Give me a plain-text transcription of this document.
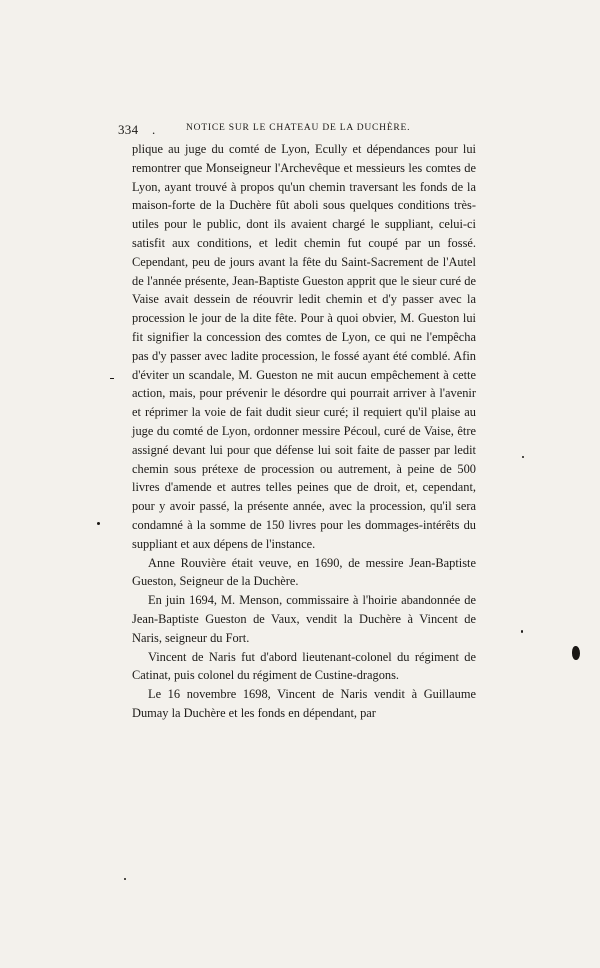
334 .	NOTICE SUR LE CHATEAU DE LA DUCHÈRE.

plique au juge du comté de Lyon, Ecully et dépendances pour lui remontrer que Monseigneur l'Archevêque et messieurs les comtes de Lyon, ayant trouvé à propos qu'un chemin traversant les fonds de la maison-forte de la Duchère fût aboli sous quelques conditions très-utiles pour le public, dont ils avaient chargé le suppliant, celui-ci satisfit aux conditions, et ledit chemin fut coupé par un fossé. Cependant, peu de jours avant la fête du Saint-Sacrement de l'Autel de l'année présente, Jean-Baptiste Gueston apprit que le sieur curé de Vaise avait dessein de réouvrir ledit chemin et d'y passer avec la procession le jour de la dite fête. Pour à quoi obvier, M. Gueston lui fit signifier la concession des comtes de Lyon, ce qui ne l'empêcha pas d'y passer avec ladite procession, le fossé ayant été comblé. Afin d'éviter un scandale, M. Gueston ne mit aucun empêchement à cette action, mais, pour prévenir le désordre qui pourrait arriver à l'avenir et réprimer la voie de fait dudit sieur curé; il requiert qu'il plaise au juge du comté de Lyon, ordonner messire Pécoul, curé de Vaise, être assigné devant lui pour que défense lui soit faite de passer par ledit chemin sous prétexe de procession ou autrement, à peine de 500 livres d'amende et autres telles peines que de droit, et, cependant, pour y avoir passé, la présente année, avec la procession, qu'il sera condamné à la somme de 150 livres pour les dommages-intérêts du suppliant et aux dépens de l'instance.

Anne Rouvière était veuve, en 1690, de messire Jean-Baptiste Gueston, Seigneur de la Duchère.

En juin 1694, M. Menson, commissaire à l'hoirie abandonnée de Jean-Baptiste Gueston de Vaux, vendit la Duchère à Vincent de Naris, seigneur du Fort.

Vincent de Naris fut d'abord lieutenant-colonel du régiment de Catinat, puis colonel du régiment de Custine-dragons.

Le 16 novembre 1698, Vincent de Naris vendit à Guillaume Dumay la Duchère et les fonds en dépendant, par
